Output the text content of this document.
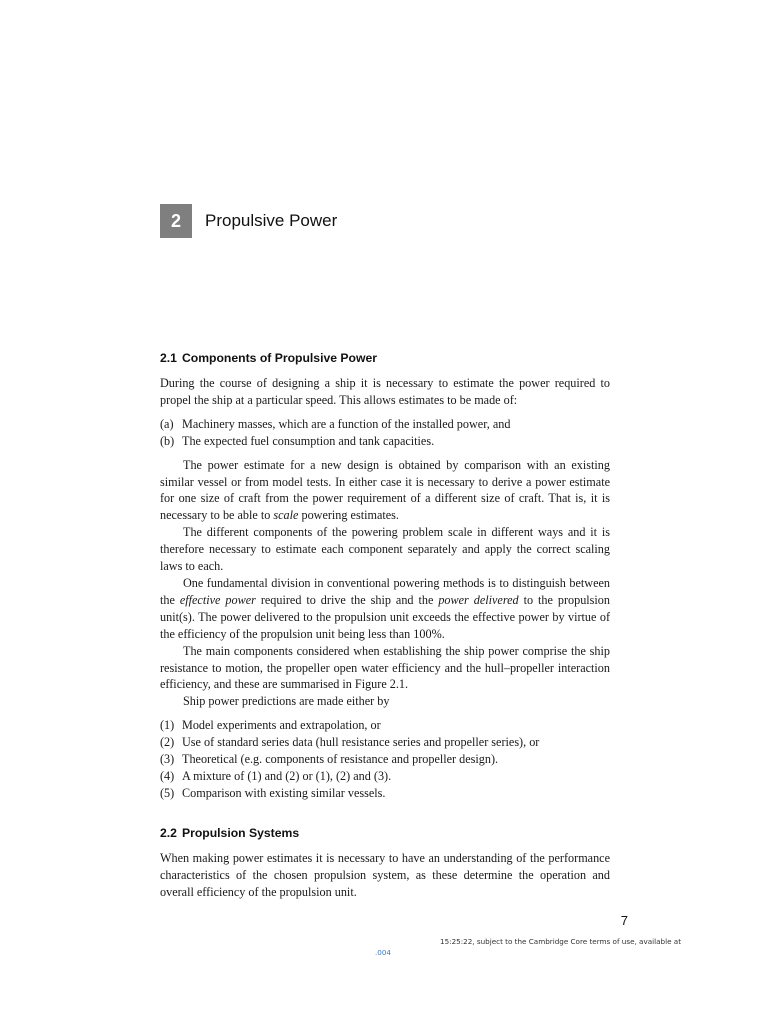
2	Propulsive Power
2.1 Components of Propulsive Power

During the course of designing a ship it is necessary to estimate the power required to propel the ship at a particular speed. This allows estimates to be made of:

(a) Machinery masses, which are a function of the installed power, and
(b) The expected fuel consumption and tank capacities.

The power estimate for a new design is obtained by comparison with an existing similar vessel or from model tests. In either case it is necessary to derive a power estimate for one size of craft from the power requirement of a different size of craft. That is, it is necessary to be able to scale powering estimates.

The different components of the powering problem scale in different ways and it is therefore necessary to estimate each component separately and apply the correct scaling laws to each.

One fundamental division in conventional powering methods is to distinguish between the effective power required to drive the ship and the power delivered to the propulsion unit(s). The power delivered to the propulsion unit exceeds the effective power by virtue of the efficiency of the propulsion unit being less than 100%.

The main components considered when establishing the ship power comprise the ship resistance to motion, the propeller open water efficiency and the hull–propeller interaction efficiency, and these are summarised in Figure 2.1.

Ship power predictions are made either by

(1) Model experiments and extrapolation, or
(2) Use of standard series data (hull resistance series and propeller series), or
(3) Theoretical (e.g. components of resistance and propeller design).
(4) A mixture of (1) and (2) or (1), (2) and (3).
(5) Comparison with existing similar vessels.
2.2 Propulsion Systems

When making power estimates it is necessary to have an understanding of the performance characteristics of the chosen propulsion system, as these determine the operation and overall efficiency of the propulsion unit.

7
15:25:22, subject to the Cambridge Core terms of use, available at
.004
